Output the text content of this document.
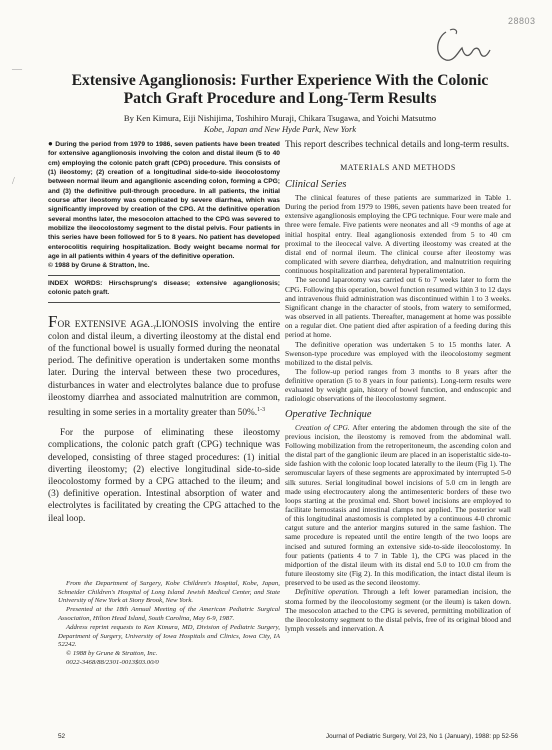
28803
—
/
Extensive Aganglionosis: Further Experience With the Colonic Patch Graft Procedure and Long-Term Results
By Ken Kimura, Eiji Nishijima, Toshihiro Muraji, Chikara Tsugawa, and Yoichi Matsutmo
Kobe, Japan and New Hyde Park, New York
● During the period from 1979 to 1986, seven patients have been treated for extensive aganglionosis involving the colon and distal ileum (5 to 40 cm) employing the colonic patch graft (CPG) procedure. This consists of (1) ileostomy; (2) creation of a longitudinal side-to-side ileocolostomy between normal ileum and aganglionic ascending colon, forming a CPG; and (3) the definitive pull-through procedure. In all patients, the initial course after ileostomy was complicated by severe diarrhea, which was significantly improved by creation of the CPG. At the definitive operation several months later, the mesocolon attached to the CPG was severed to mobilize the ileocolostomy segment to the distal pelvis. Four patients in this series have been followed for 5 to 8 years. No patient has developed enterocolitis requiring hospitalization. Body weight became normal for age in all patients within 4 years of the definitive operation.
© 1988 by Grune & Stratton, Inc.
INDEX WORDS: Hirschsprung's disease; extensive aganglionosis; colonic patch graft.

FOR EXTENSIVE AGA․ᵧLIONOSIS involving the entire colon and distal ileum, a diverting ileostomy at the distal end of the functional bowel is usually formed during the neonatal period. The definitive operation is undertaken some months later. During the interval between these two procedures, disturbances in water and electrolytes balance due to profuse ileostomy diarrhea and associated malnutrition are common, resulting in some series in a mortality greater than 50%.$^{1-3}$

For the purpose of eliminating these ileostomy complications, the colonic patch graft (CPG) technique was developed, consisting of three staged procedures: (1) initial diverting ileostomy; (2) elective longitudinal side-to-side ileocolostomy formed by a CPG attached to the ileum; and (3) definitive operation. Intestinal absorption of water and electrolytes is facilitated by creating the CPG attached to the ileal loop.

From the Department of Surgery, Kobe Children's Hospital, Kobe, Japan, Schneider Children's Hospital of Long Island Jewish Medical Center, and State University of New York at Stony Brook, New York.

Presented at the 18th Annual Meeting of the American Pediatric Surgical Association, Hilton Head Island, South Carolina, May 6-9, 1987.

Address reprint requests to Ken Kimura, MD, Division of Pediatric Surgery, Department of Surgery, University of Iowa Hospitals and Clinics, Iowa City, IA 52242.

© 1988 by Grune & Stratton, Inc.

0022-3468/88/2301-0013$03.00/0

This report describes technical details and long-term results.
MATERIALS AND METHODS
Clinical Series

The clinical features of these patients are summarized in Table 1. During the period from 1979 to 1986, seven patients have been treated for extensive aganglionosis employing the CPG technique. Four were male and three were female. Five patients were neonates and all <9 months of age at initial hospital entry. Ileal aganglionosis extended from 5 to 40 cm proximal to the ileocecal valve. A diverting ileostomy was created at the distal end of normal ileum. The clinical course after ileostomy was complicated with severe diarrhea, dehydration, and malnutrition requiring continuous hospitalization and parenteral hyperalimentation.

The second laparotomy was carried out 6 to 7 weeks later to form the CPG. Following this operation, bowel function resumed within 3 to 12 days and intravenous fluid administration was discontinued within 1 to 3 weeks. Significant change in the character of stools, from watery to semiformed, was observed in all patients. Thereafter, management at home was possible on a regular diet. One patient died after aspiration of a feeding during this period at home.

The definitive operation was undertaken 5 to 15 months later. A Swenson-type procedure was employed with the ileocolostomy segment mobilized to the distal pelvis.

The follow-up period ranges from 3 months to 8 years after the definitive operation (5 to 8 years in four patients). Long-term results were evaluated by weight gain, history of bowel function, and endoscopic and radiologic observations of the ileocolostomy segment.

Operative Technique

Creation of CPG. After entering the abdomen through the site of the previous incision, the ileostomy is removed from the abdominal wall. Following mobilization from the retroperitoneum, the ascending colon and the distal part of the ganglionic ileum are placed in an isoperistaltic side-to-side fashion with the colonic loop located laterally to the ileum (Fig 1). The seromuscular layers of these segments are approximated by interrupted 5-0 silk sutures. Serial longitudinal bowel incisions of 5.0 cm in length are made using electrocautery along the antimesenteric borders of these two loops starting at the proximal end. Short bowel incisions are employed to facilitate hemostasis and intestinal clamps not applied. The posterior wall of this longitudinal anastomosis is completed by a continuous 4-0 chromic catgut suture and the anterior margins sutured in the same fashion. The same procedure is repeated until the entire length of the two loops are incised and sutured forming an extensive side-to-side ileocolostomy. In four patients (patients 4 to 7 in Table 1), the CPG was placed in the midportion of the distal ileum with its distal end 5.0 to 10.0 cm from the future ileostomy site (Fig 2). In this modification, the intact distal ileum is preserved to be used as the second ileostomy.

Definitive operation. Through a left lower paramedian incision, the stoma formed by the ileocolostomy segment (or the ileum) is taken down. The mesocolon attached to the CPG is severed, permitting mobilization of the ileocolostomy segment to the distal pelvis, free of its original blood and lymph vessels and innervation. A

52	Journal of Pediatric Surgery, Vol 23, No 1 (January), 1988: pp 52-56
